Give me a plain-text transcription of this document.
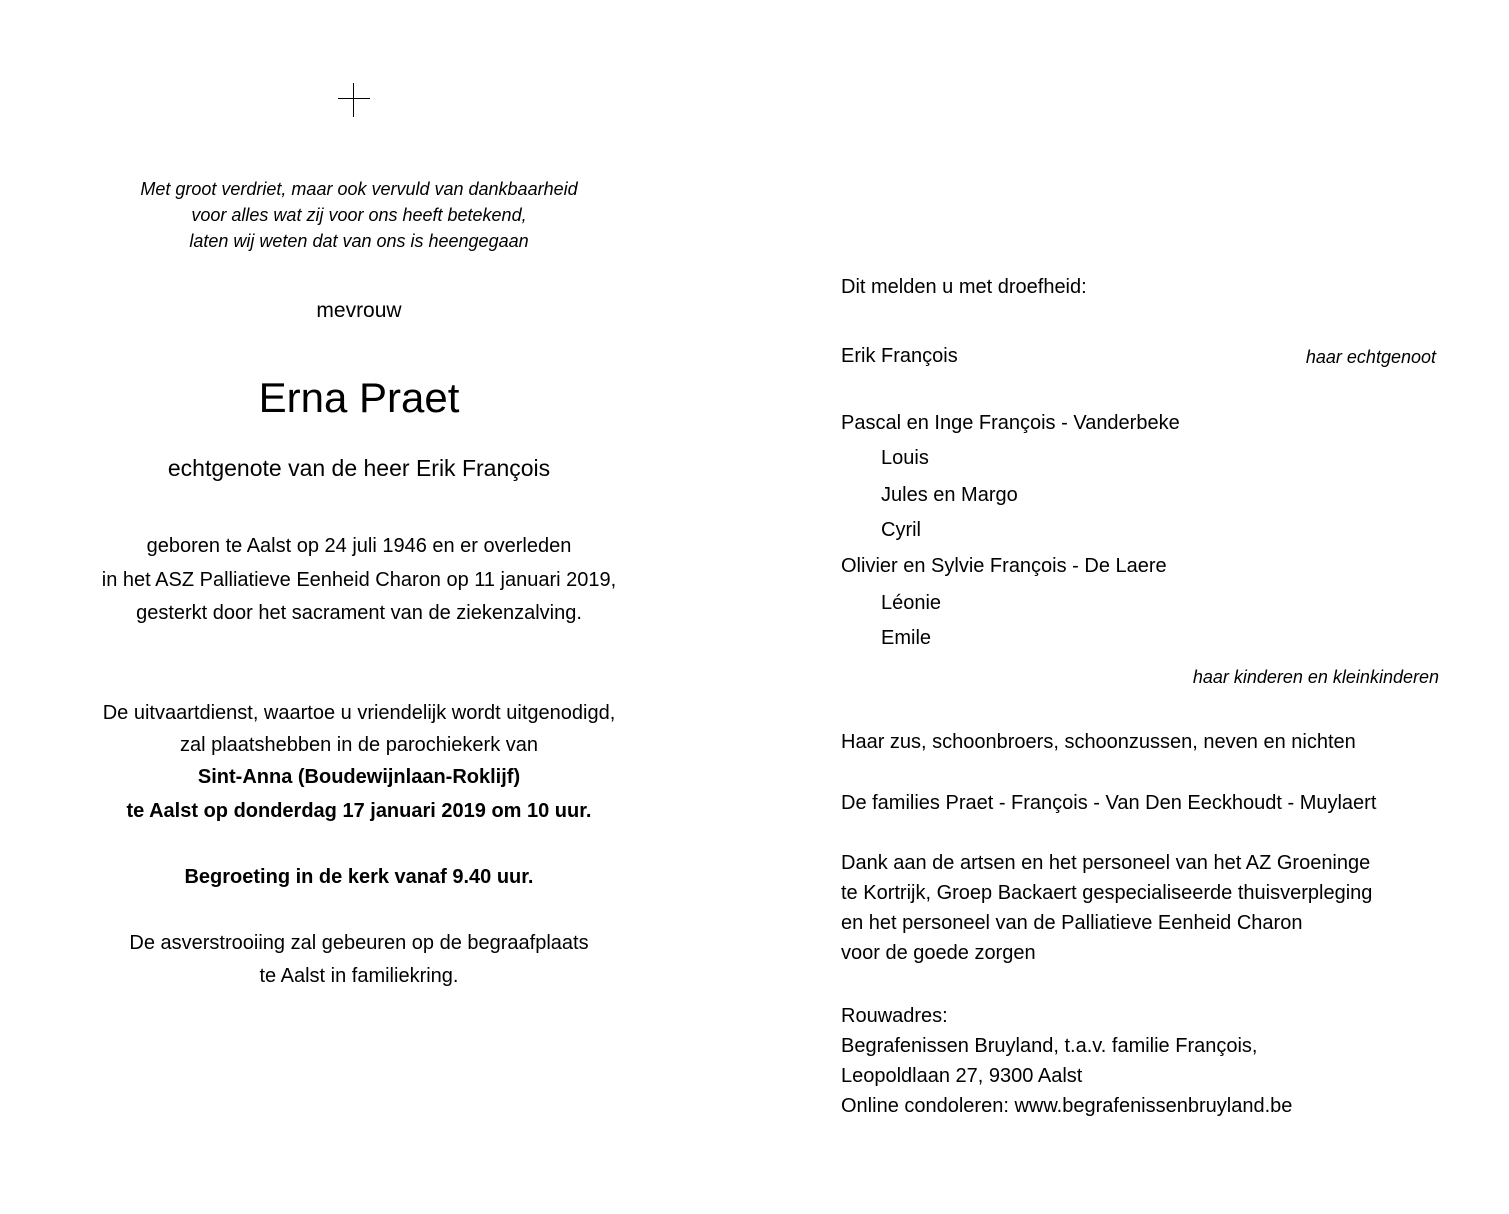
Met groot verdriet, maar ook vervuld van dankbaarheid
voor alles wat zij voor ons heeft betekend,
laten wij weten dat van ons is heengegaan
mevrouw
Erna Praet
echtgenote van de heer Erik François
geboren te Aalst op 24 juli 1946 en er overleden
in het ASZ Palliatieve Eenheid Charon op 11 januari 2019,
gesterkt door het sacrament van de ziekenzalving.
De uitvaartdienst, waartoe u vriendelijk wordt uitgenodigd,
zal plaatshebben in de parochiekerk van
Sint-Anna (Boudewijnlaan-Roklijf)
te Aalst op donderdag 17 januari 2019 om 10 uur.
Begroeting in de kerk vanaf 9.40 uur.
De asverstrooiing zal gebeuren op de begraafplaats
te Aalst in familiekring.
Dit melden u met droefheid:
Erik François	haar echtgenoot
Pascal en Inge François - Vanderbeke
Louis
Jules en Margo
Cyril
Olivier en Sylvie François - De Laere
Léonie
Emile
haar kinderen en kleinkinderen
Haar zus, schoonbroers, schoonzussen, neven en nichten
De families Praet - François - Van Den Eeckhoudt - Muylaert
Dank aan de artsen en het personeel van het AZ Groeninge
te Kortrijk, Groep Backaert gespecialiseerde thuisverpleging
en het personeel van de Palliatieve Eenheid Charon
voor de goede zorgen
Rouwadres:
Begrafenissen Bruyland, t.a.v. familie François,
Leopoldlaan 27, 9300 Aalst
Online condoleren: www.begrafenissenbruyland.be
